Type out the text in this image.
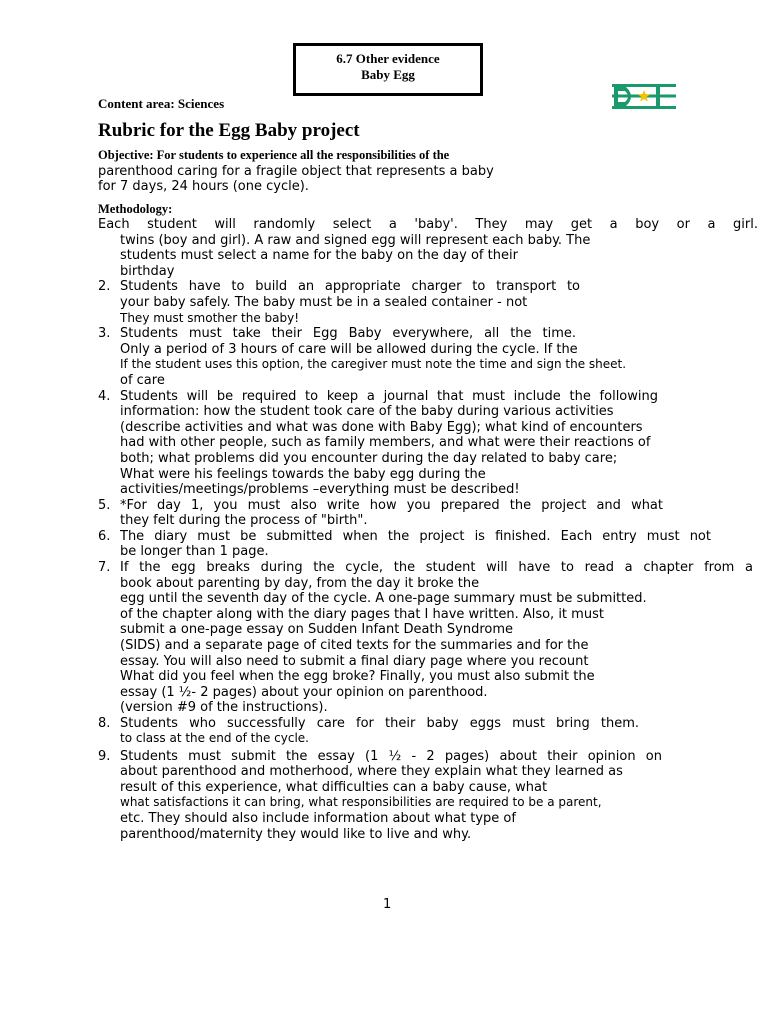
6.7 Other evidence
Baby Egg
Content area: Sciences
Rubric for the Egg Baby project
Objective: For students to experience all the responsibilities of the
parenthood caring for a fragile object that represents a baby
for 7 days, 24 hours (one cycle).
Methodology:
Each student will randomly select a 'baby'. They may get a boy or a girl.
twins (boy and girl). A raw and signed egg will represent each baby. The
students must select a name for the baby on the day of their
birthday
2. Students have to build an appropriate charger to transport to
your baby safely. The baby must be in a sealed container - not
They must smother the baby!
3. Students must take their Egg Baby everywhere, all the time.
Only a period of 3 hours of care will be allowed during the cycle. If the
If the student uses this option, the caregiver must note the time and sign the sheet.
of care
4. Students will be required to keep a journal that must include the following
information: how the student took care of the baby during various activities
(describe activities and what was done with Baby Egg); what kind of encounters
had with other people, such as family members, and what were their reactions of
both; what problems did you encounter during the day related to baby care;
What were his feelings towards the baby egg during the
activities/meetings/problems –everything must be described!
5. *For day 1, you must also write how you prepared the project and what
they felt during the process of "birth".
6. The diary must be submitted when the project is finished. Each entry must not
be longer than 1 page.
7. If the egg breaks during the cycle, the student will have to read a chapter from a
book about parenting by day, from the day it broke the
egg until the seventh day of the cycle. A one-page summary must be submitted.
of the chapter along with the diary pages that I have written. Also, it must
submit a one-page essay on Sudden Infant Death Syndrome
(SIDS) and a separate page of cited texts for the summaries and for the
essay. You will also need to submit a final diary page where you recount
What did you feel when the egg broke? Finally, you must also submit the
essay (1 ½- 2 pages) about your opinion on parenthood.
(version #9 of the instructions).
8. Students who successfully care for their baby eggs must bring them.
to class at the end of the cycle.
9. Students must submit the essay (1 ½ - 2 pages) about their opinion on
about parenthood and motherhood, where they explain what they learned as
result of this experience, what difficulties can a baby cause, what
what satisfactions it can bring, what responsibilities are required to be a parent,
etc. They should also include information about what type of
parenthood/maternity they would like to live and why.
1
